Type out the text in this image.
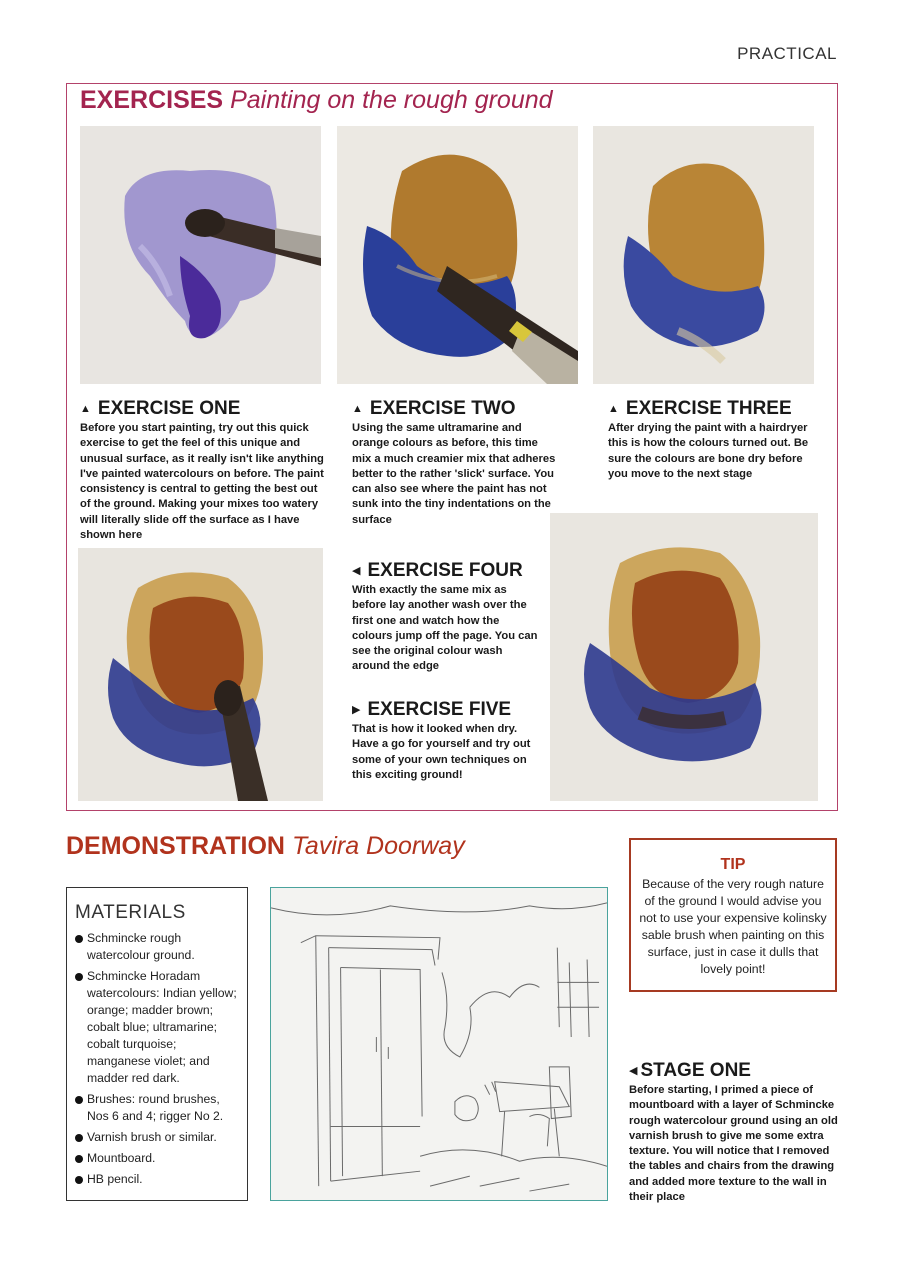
PRACTICAL
EXERCISES Painting on the rough ground
▲ EXERCISE ONE
Before you start painting, try out this quick exercise to get the feel of this unique and unusual surface, as it really isn't like anything I've painted watercolours on before. The paint consistency is central to getting the best out of the ground. Making your mixes too watery will literally slide off the surface as I have shown here
▲ EXERCISE TWO
Using the same ultramarine and orange colours as before, this time mix a much creamier mix that adheres better to the rather 'slick' surface. You can also see where the paint has not sunk into the tiny indentations on the surface
▲ EXERCISE THREE
After drying the paint with a hairdryer this is how the colours turned out. Be sure the colours are bone dry before you move to the next stage
◀ EXERCISE FOUR
With exactly the same mix as before lay another wash over the first one and watch how the colours jump off the page. You can see the original colour wash around the edge
▶ EXERCISE FIVE
That is how it looked when dry. Have a go for yourself and try out some of your own techniques on this exciting ground!
DEMONSTRATION Tavira Doorway
MATERIALS
Schmincke rough watercolour ground.
Schmincke Horadam watercolours: Indian yellow; orange; madder brown; cobalt blue; ultramarine; cobalt turquoise; manganese violet; and madder red dark.
Brushes: round brushes, Nos 6 and 4; rigger No 2.
Varnish brush or similar.
Mountboard.
HB pencil.
TIP
Because of the very rough nature of the ground I would advise you not to use your expensive kolinsky sable brush when painting on this surface, just in case it dulls that lovely point!
◀ STAGE ONE
Before starting, I primed a piece of mountboard with a layer of Schmincke rough watercolour ground using an old varnish brush to give me some extra texture. You will notice that I removed the tables and chairs from the drawing and added more texture to the wall in their place
